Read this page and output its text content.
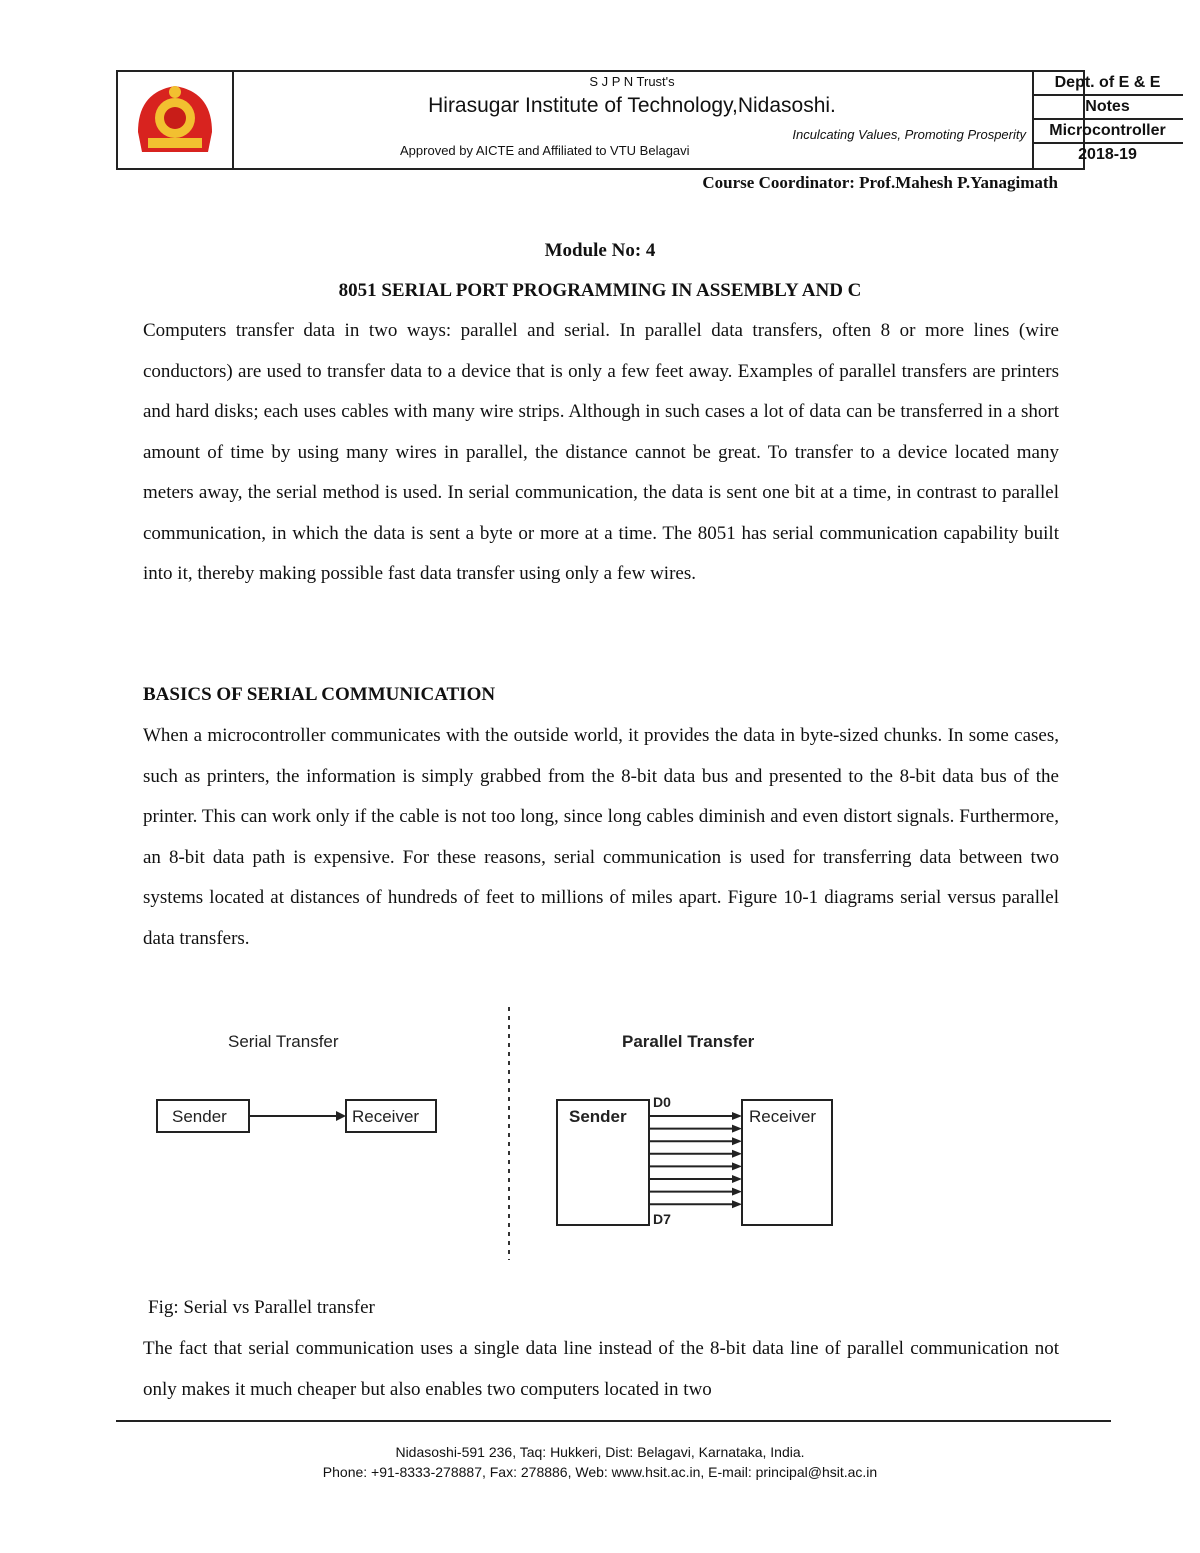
S J P N Trust's
Hirasugar Institute of Technology,Nidasoshi.
Inculcating Values, Promoting Prosperity
Approved by AICTE and Affiliated to VTU Belagavi
Dept. of E & E
Notes
Microcontroller
2018-19
Course Coordinator: Prof.Mahesh P.Yanagimath
Module No: 4
8051 SERIAL PORT PROGRAMMING IN ASSEMBLY AND C

Computers transfer data in two ways: parallel and serial. In parallel data transfers, often 8 or more lines (wire conductors) are used to transfer data to a device that is only a few feet away. Examples of parallel transfers are printers and hard disks; each uses cables with many wire strips. Although in such cases a lot of data can be transferred in a short amount of time by using many wires in parallel, the distance cannot be great. To transfer to a device located many meters away, the serial method is used. In serial communication, the data is sent one bit at a time, in contrast to parallel communication, in which the data is sent a byte or more at a time. The 8051 has serial communication capability built into it, thereby making possible fast data transfer using only a few wires.

BASICS OF SERIAL COMMUNICATION

When a microcontroller communicates with the outside world, it provides the data in byte-sized chunks. In some cases, such as printers, the information is simply grabbed from the 8-bit data bus and presented to the 8-bit data bus of the printer. This can work only if the cable is not too long, since long cables diminish and even distort signals. Furthermore, an 8-bit data path is expensive. For these reasons, serial communication is used for transferring data between two systems located at distances of hundreds of feet to millions of miles apart. Figure 10-1 diagrams serial versus parallel data transfers.

Serial Transfer	Parallel Transfer
Sender	Receiver	Sender	Receiver
D0
D7
Fig: Serial vs Parallel transfer

The fact that serial communication uses a single data line instead of the 8-bit data line of parallel communication not only makes it much cheaper but also enables two computers located in two

Nidasoshi-591 236, Taq: Hukkeri, Dist: Belagavi, Karnataka, India.
Phone: +91-8333-278887, Fax: 278886, Web: www.hsit.ac.in, E-mail: principal@hsit.ac.in
